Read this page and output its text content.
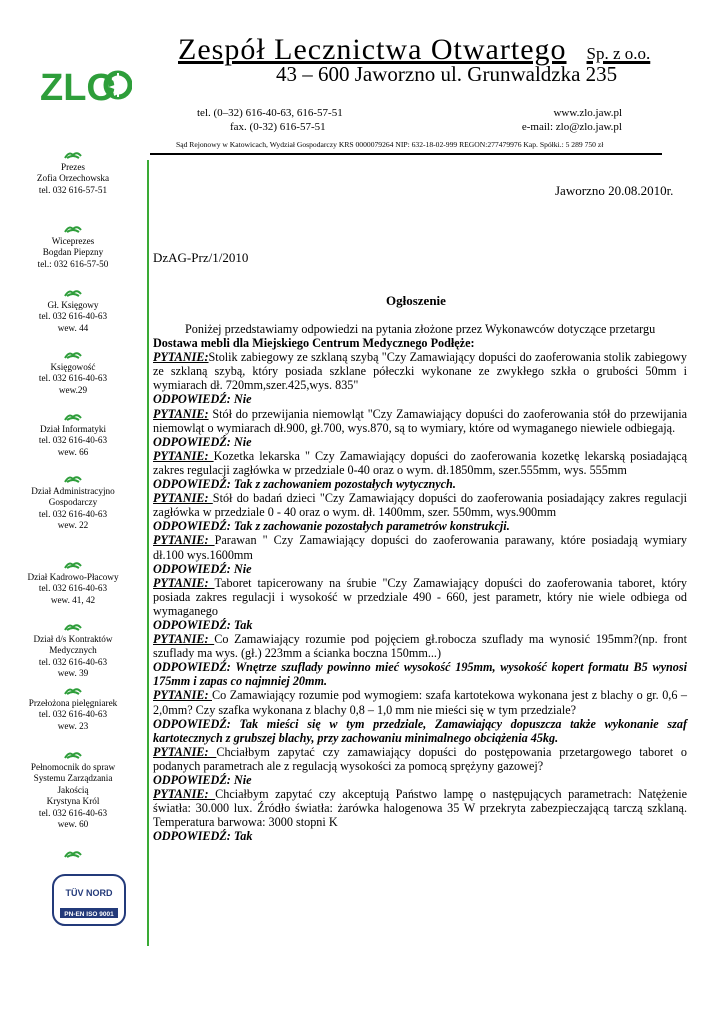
ZLO
Zespół Lecznictwa Otwartego Sp. z o.o.
43 – 600 Jaworzno ul. Grunwaldzka 235
tel. (0–32) 616-40-63, 616-57-51
fax. (0-32) 616-57-51
www.zlo.jaw.pl
e-mail: zlo@zlo.jaw.pl
Sąd Rejonowy w Katowicach, Wydział Gospodarczy KRS 0000079264 NIP: 632-18-02-999 REGON:277479976 Kap. Spółki.: 5 289 750 zł
Prezes
Zofia Orzechowska
tel. 032 616-57-51
Wiceprezes
Bogdan Piepzny
tel.: 032 616-57-50
Gł. Księgowy
tel. 032 616-40-63
wew. 44
Księgowość
tel. 032 616-40-63
wew.29
Dział Informatyki
tel. 032 616-40-63
wew. 66
Dział Administracyjno
Gospodarczy
tel. 032 616-40-63
wew. 22
Dział Kadrowo-Płacowy
tel. 032 616-40-63
wew. 41, 42
Dział d/s Kontraktów
Medycznych
tel. 032 616-40-63
wew. 39
Przełożona pielęgniarek
tel. 032 616-40-63
wew. 23
Pełnomocnik do spraw
Systemu Zarządzania
Jakością
Krystyna Król
tel. 032 616-40-63
wew. 60
TÜV NORD
PN-EN ISO 9001
Jaworzno 20.08.2010r.
DzAG-Prz/1/2010
Ogłoszenie

Poniżej przedstawiamy odpowiedzi na pytania złożone przez Wykonawców dotyczące przetargu

Dostawa mebli dla Miejskiego Centrum Medycznego Podłęże:

PYTANIE:Stolik zabiegowy ze szklaną szybą "Czy Zamawiający dopuści do zaoferowania stolik zabiegowy ze szklaną szybą, który posiada szklane półeczki wykonane ze zwykłego szkła o grubości 50mm i wymiarach dł. 720mm,szer.425,wys. 835"

ODPOWIEDŹ: Nie

PYTANIE: Stół do przewijania niemowląt "Czy Zamawiający dopuści do zaoferowania stół do przewijania niemowląt o wymiarach dł.900, gł.700, wys.870, są to wymiary, które od wymaganego niewiele odbiegają.

ODPOWIEDŹ: Nie

PYTANIE: Kozetka lekarska " Czy Zamawiający dopuści do zaoferowania kozetkę lekarską posiadającą zakres regulacji zagłówka w przedziale 0-40 oraz o wym. dł.1850mm, szer.555mm, wys. 555mm

ODPOWIEDŹ: Tak z zachowaniem pozostałych wytycznych.

PYTANIE: Stół do badań dzieci "Czy Zamawiający dopuści do zaoferowania posiadający zakres regulacji zagłówka w przedziale 0 - 40 oraz o wym. dł. 1400mm, szer. 550mm, wys.900mm

ODPOWIEDŹ: Tak z zachowanie pozostałych parametrów konstrukcji.

PYTANIE: Parawan " Czy Zamawiający dopuści do zaoferowania parawany, które posiadają wymiary dł.100 wys.1600mm

ODPOWIEDŹ: Nie

PYTANIE: Taboret tapicerowany na śrubie "Czy Zamawiający dopuści do zaoferowania taboret, który posiada zakres regulacji i wysokość w przedziale 490 - 660, jest parametr, który nie wiele odbiega od wymaganego

ODPOWIEDŹ: Tak

PYTANIE: Co Zamawiający rozumie pod pojęciem gł.robocza szuflady ma wynosić 195mm?(np. front szuflady ma wys. (gł.) 223mm a ścianka boczna 150mm...)

ODPOWIEDŹ: Wnętrze szuflady powinno mieć wysokość 195mm, wysokość kopert formatu B5 wynosi 175mm i zapas co najmniej 20mm.

PYTANIE: Co Zamawiający rozumie pod wymogiem: szafa kartotekowa wykonana jest z blachy o gr. 0,6 – 2,0mm? Czy szafka wykonana z blachy 0,8 – 1,0 mm nie mieści się w tym przedziale?

ODPOWIEDŹ: Tak mieści się w tym przedziale, Zamawiający dopuszcza także wykonanie szaf kartotecznych z grubszej blachy, przy zachowaniu minimalnego obciążenia 45kg.

PYTANIE: Chciałbym zapytać czy zamawiający dopuści do postępowania przetargowego taboret o podanych parametrach ale z regulacją wysokości za pomocą sprężyny gazowej?

ODPOWIEDŹ: Nie

PYTANIE: Chciałbym zapytać czy akceptują Państwo lampę o następujących parametrach: Natężenie światła: 30.000 lux. Źródło światła: żarówka halogenowa 35 W przekryta zabezpieczającą tarczą szklaną. Temperatura barwowa: 3000 stopni K

ODPOWIEDŹ: Tak
